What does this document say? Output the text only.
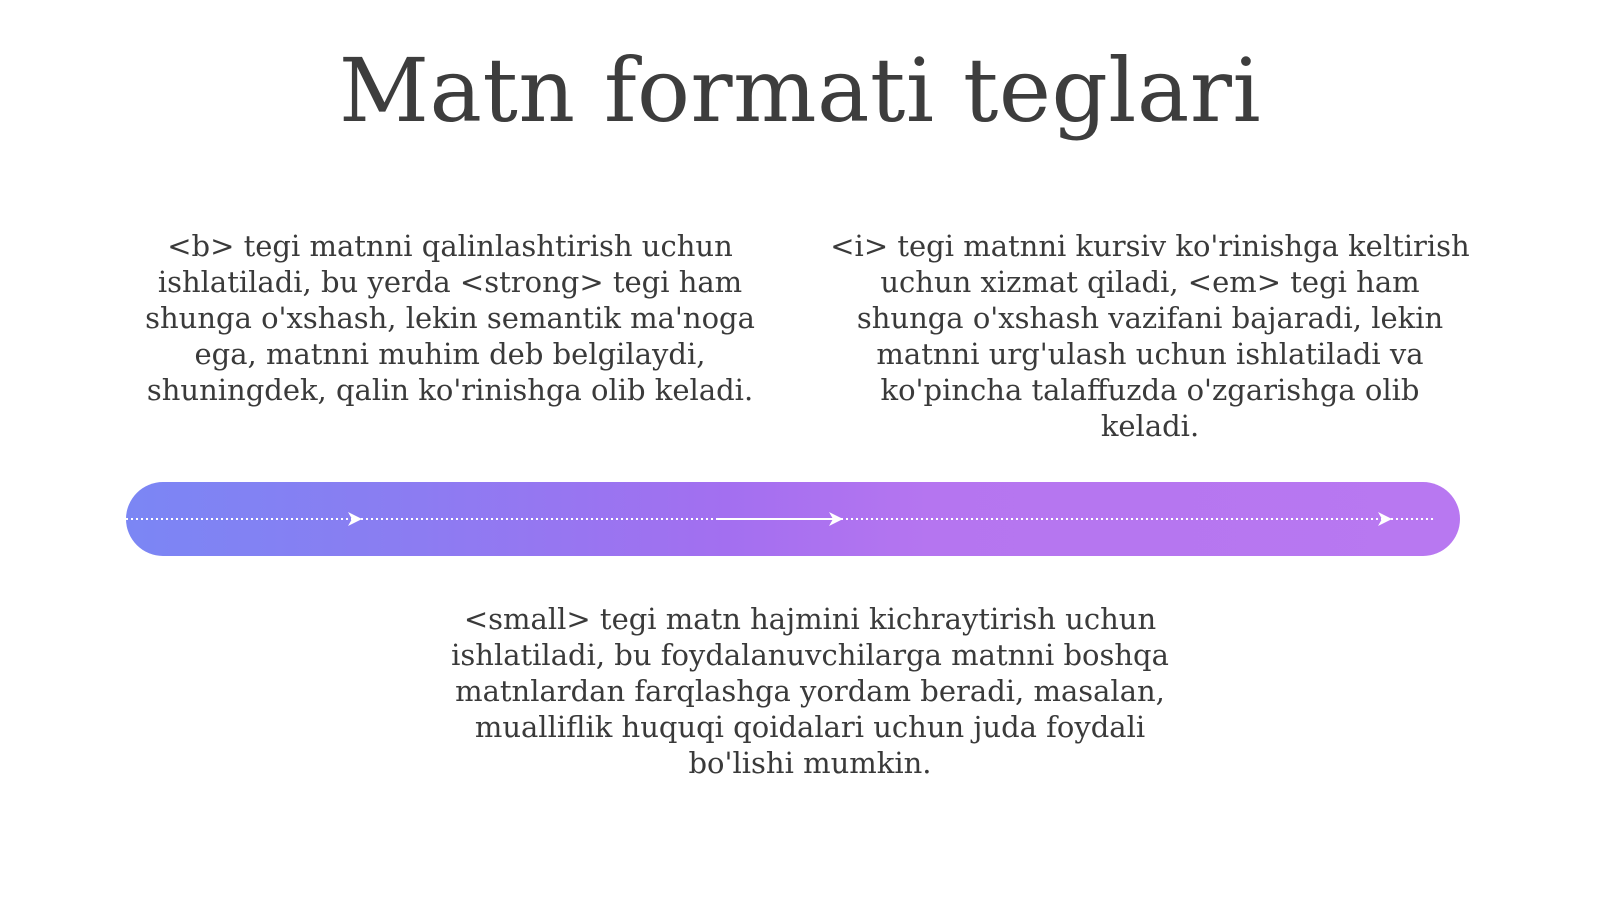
Matn formati teglari

<b> tegi matnni qalinlashtirish uchun ishlatiladi, bu yerda <strong> tegi ham shunga o'xshash, lekin semantik ma'noga ega, matnni muhim deb belgilaydi, shuningdek, qalin ko'rinishga olib keladi.

<i> tegi matnni kursiv ko'rinishga keltirish uchun xizmat qiladi, <em> tegi ham shunga o'xshash vazifani bajaradi, lekin matnni urg'ulash uchun ishlatiladi va ko'pincha talaffuzda o'zgarishga olib keladi.

<small> tegi matn hajmini kichraytirish uchun ishlatiladi, bu foydalanuvchilarga matnni boshqa matnlardan farqlashga yordam beradi, masalan, mualliflik huquqi qoidalari uchun juda foydali bo'lishi mumkin.
